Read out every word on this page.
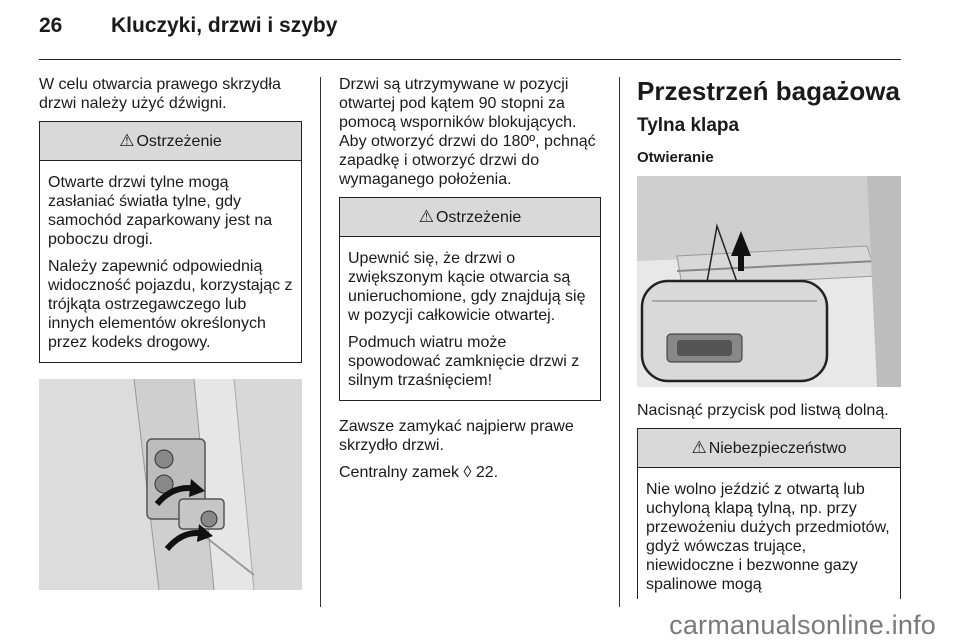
26 Kluczyki, drzwi i szyby

W celu otwarcia prawego skrzydła drzwi należy użyć dźwigni.

⚠ Ostrzeżenie

Otwarte drzwi tylne mogą zasłaniać światła tylne, gdy samochód zaparkowany jest na poboczu drogi.

Należy zapewnić odpowiednią widoczność pojazdu, korzystając z trójkąta ostrzegawczego lub innych elementów określonych przez kodeks drogowy.

Drzwi są utrzymywane w pozycji otwartej pod kątem 90 stopni za pomocą wsporników blokujących. Aby otworzyć drzwi do 180º, pchnąć zapadkę i otworzyć drzwi do wymaganego położenia.

⚠ Ostrzeżenie

Upewnić się, że drzwi o zwiększonym kącie otwarcia są unieruchomione, gdy znajdują się w pozycji całkowicie otwartej.

Podmuch wiatru może spowodować zamknięcie drzwi z silnym trzaśnięciem!

Zawsze zamykać najpierw prawe skrzydło drzwi.

Centralny zamek ◊ 22.

Przestrzeń bagażowa
Tylna klapa
Otwieranie

Nacisnąć przycisk pod listwą dolną.

⚠ Niebezpieczeństwo

Nie wolno jeździć z otwartą lub uchyloną klapą tylną, np. przy przewożeniu dużych przedmiotów, gdyż wówczas trujące, niewidoczne i bezwonne gazy spalinowe mogą

carmanualsonline.info
